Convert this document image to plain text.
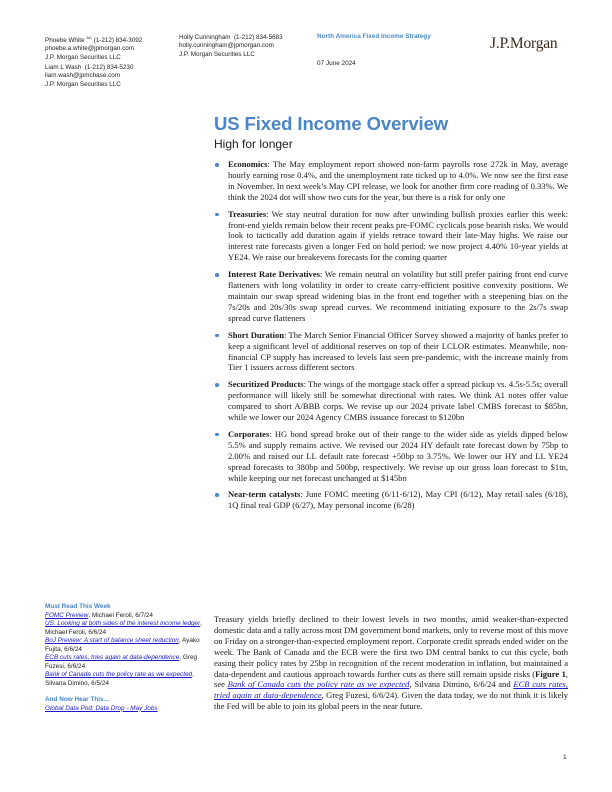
Phoebe White $^{AC}$ (1-212) 834-3092
phoebe.a.white@jpmorgan.com
J.P. Morgan Securities LLC
Liam L Wash (1-212) 834-5230
liam.wash@jpmchase.com
J.P. Morgan Securities LLC
Holly Cunningham (1-212) 834-5683
holly.cunningham@jpmorgan.com
J.P. Morgan Securities LLC
North America Fixed Income Strategy
07 June 2024
J.P.Morgan
US Fixed Income Overview
High for longer
Economics: The May employment report showed non-farm payrolls rose 272k in May, average hourly earning rose 0.4%, and the unemployment rate ticked up to 4.0%. We now see the first ease in November. In next week’s May CPI release, we look for another firm core reading of 0.33%. We think the 2024 dot will show two cuts for the year, but there is a risk for only one
Treasuries: We stay neutral duration for now after unwinding bullish proxies earlier this week: front-end yields remain below their recent peaks pre-FOMC cyclicals pose bearish risks. We would look to tactically add duration again if yields retrace toward their late-May highs. We raise our interest rate forecasts given a longer Fed on hold period: we now project 4.40% 10-year yields at YE24. We raise our breakevens forecasts for the coming quarter
Interest Rate Derivatives: We remain neutral on volatility but still prefer pairing front end curve flatteners with long volatility in order to create carry-efficient positive convexity positions. We maintain our swap spread widening bias in the front end together with a steepening bias on the 7s/20s and 20s/30s swap spread curves. We recommend initiating exposure to the 2s/7s swap spread curve flatteners
Short Duration: The March Senior Financial Officer Survey showed a majority of banks prefer to keep a significant level of additional reserves on top of their LCLOR estimates. Meanwhile, non-financial CP supply has increased to levels last seen pre-pandemic, with the increase mainly from Tier 1 issuers across different sectors
Securitized Products: The wings of the mortgage stack offer a spread pickup vs. 4.5s-5.5s; overall performance will likely still be somewhat directional with rates. We think A1 notes offer value compared to short A/BBB corps. We revise up our 2024 private label CMBS forecast to $85bn, while we lower our 2024 Agency CMBS issuance forecast to $120bn
Corporates: HG bond spread broke out of their range to the wider side as yields dipped below 5.5% and supply remains active. We revised our 2024 HY default rate forecast down by 75bp to 2.00% and raised our LL default rate forecast +50bp to 3.75%. We lower our HY and LL YE24 spread forecasts to 380bp and 500bp, respectively. We revise up our gross loan forecast to $1tn, while keeping our net forecast unchanged at $145bn
Near-term catalysts: June FOMC meeting (6/11-6/12), May CPI (6/12), May retail sales (6/18), 1Q final real GDP (6/27), May personal income (6/28)
Must Read This Week
FOMC Preview, Michael Feroli, 6/7/24
US: Looking at both sides of the interest income ledger, Michael Feroli, 6/6/24
BoJ Preview: A start of balance sheet reduction, Ayako Fujita, 6/6/24
ECB cuts rates, tries again at data-dependence, Greg Fuzesi, 6/6/24
Bank of Canada cuts the policy rate as we expected, Silvana Dimino, 6/5/24
And Now Hear This…
Global Data Pod: Data Drop - May Jobs

Treasury yields briefly declined to their lowest levels in two months, amid weaker-than-expected domestic data and a rally across most DM government bond markets, only to reverse most of this move on Friday on a stronger-than-expected employment report. Corporate credit spreads ended wider on the week. The Bank of Canada and the ECB were the first two DM central banks to cut this cycle, both easing their policy rates by 25bp in recognition of the recent moderation in inflation, but maintained a data-dependent and cautious approach towards further cuts as there still remain upside risks (Figure 1, see Bank of Canada cuts the policy rate as we expected, Silvana Dimino, 6/6/24 and ECB cuts rates, tried again at data-dependence, Greg Fuzesi, 6/6/24). Given the data today, we do not think it is likely the Fed will be able to join its global peers in the near future.

1
